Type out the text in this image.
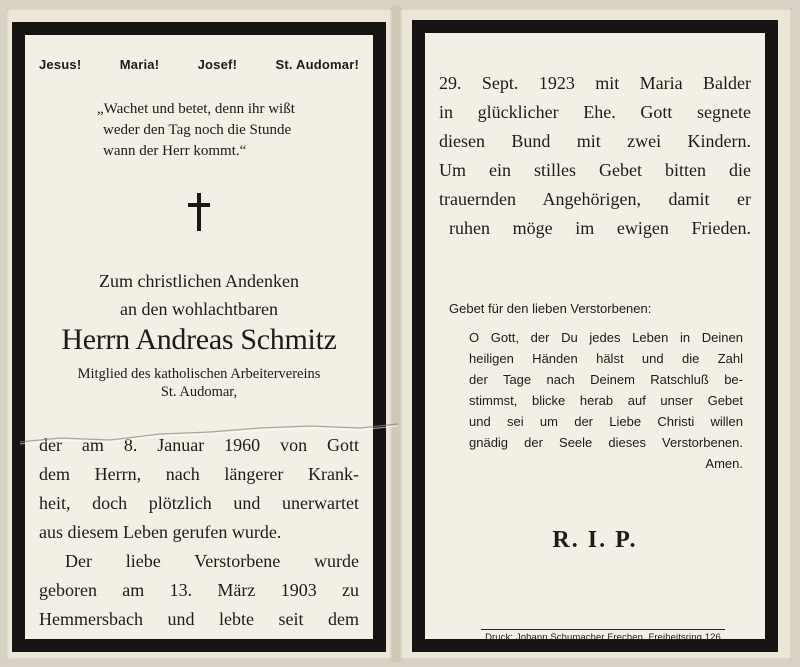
Jesus!	Maria!	Josef!	St. Audomar!
„Wachet und betet, denn ihr wißt
weder den Tag noch die Stunde
wann der Herr kommt.“
Zum christlichen Andenken
an den wohlachtbaren
Herrn Andreas Schmitz
Mitglied des katholischen Arbeitervereins
St. Audomar,
der am 8. Januar 1960 von Gott
dem Herrn, nach längerer Krank-
heit, doch plötzlich und unerwartet
aus diesem Leben gerufen wurde.
Der liebe Verstorbene wurde
geboren am 13. März 1903 zu
Hemmersbach und lebte seit dem
29. Sept. 1923 mit Maria Balder
in glücklicher Ehe. Gott segnete
diesen Bund mit zwei Kindern.
Um ein stilles Gebet bitten die
trauernden Angehörigen, damit er
ruhen möge im ewigen Frieden.
Gebet für den lieben Verstorbenen:
O Gott, der Du jedes Leben in Deinen
heiligen Händen hälst und die Zahl
der Tage nach Deinem Ratschluß be-
stimmst, blicke herab auf unser Gebet
und sei um der Liebe Christi willen
gnädig der Seele dieses Verstorbenen.
Amen.
R. I. P.
Druck: Johann Schumacher Frechen, Freiheitsring 126
